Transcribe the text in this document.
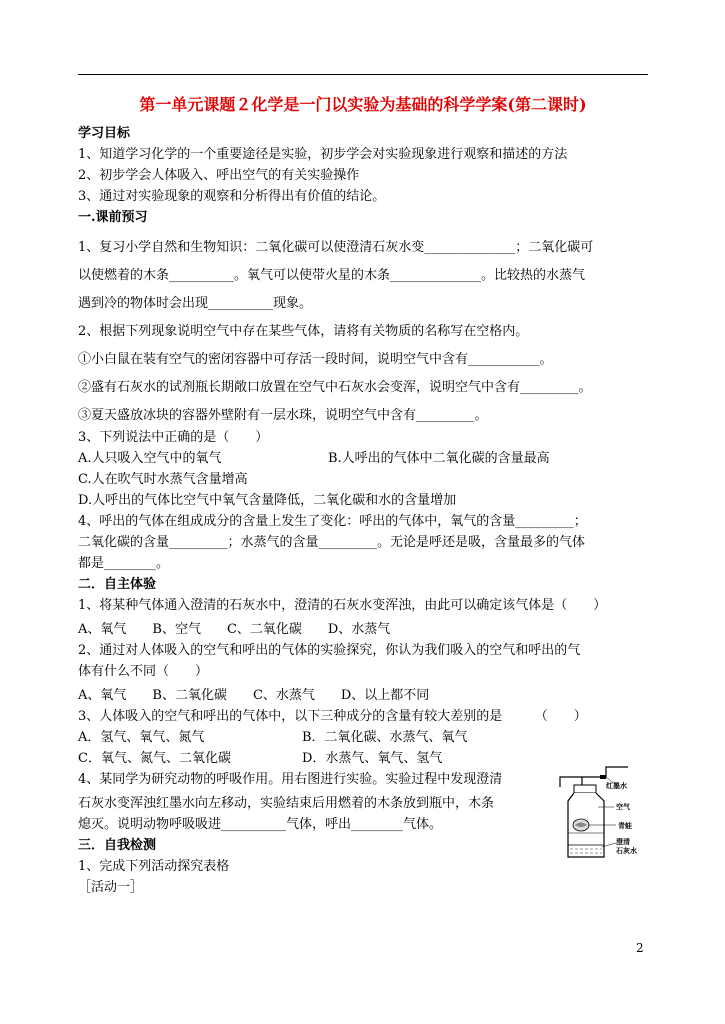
第一单元课题２化学是一门以实验为基础的科学学案(第二课时)
学习目标
1、知道学习化学的一个重要途径是实验，初步学会对实验现象进行观察和描述的方法
2、初步学会人体吸入、呼出空气的有关实验操作
3、通过对实验现象的观察和分析得出有价值的结论。
一.课前预习
1、复习小学自然和生物知识：二氧化碳可以使澄清石灰水变______________；二氧化碳可
以使燃着的木条__________。氧气可以使带火星的木条______________。比较热的水蒸气
遇到冷的物体时会出现__________现象。
2、根据下列现象说明空气中存在某些气体，请将有关物质的名称写在空格内。
①小白鼠在装有空气的密闭容器中可存活一段时间，说明空气中含有___________。
②盛有石灰水的试剂瓶长期敞口放置在空气中石灰水会变浑，说明空气中含有_________。
③夏天盛放冰块的容器外壁附有一层水珠，说明空气中含有_________。
3、下列说法中正确的是（　　）
A.人只吸入空气中的氧气
C.人在吹气时水蒸气含量增高
D.人呼出的气体比空气中氧气含量降低，二氧化碳和水的含量增加
4、呼出的气体在组成成分的含量上发生了变化：呼出的气体中，氧气的含量_________；
二氧化碳的含量_________；水蒸气的含量_________。无论是呼还是吸，含量最多的气体
都是________。
二．自主体验
1、将某种气体通入澄清的石灰水中，澄清的石灰水变浑浊，由此可以确定该气体是（　　）
A、氧气　　B、空气　　C、二氧化碳　　D、水蒸气
2、通过对人体吸入的空气和呼出的气体的实验探究，你认为我们吸入的空气和呼出的气
体有什么不同（　　）
A、氧气　　B、二氧化碳　　C、水蒸气　　D、以上都不同
3、人体吸入的空气和呼出的气体中，以下三种成分的含量有较大差别的是　　　（　　）
A．氢气、氧气、氮气
C．氧气、氮气、二氧化碳
4、某同学为研究动物的呼吸作用。用右图进行实验。实验过程中发现澄清
石灰水变浑浊红墨水向左移动，实验结束后用燃着的木条放到瓶中，木条
熄灭。说明动物呼吸吸进__________气体，呼出________气体。
三．自我检测
1、完成下列活动探究表格
［活动一］
B.人呼出的气体中二氧化碳的含量最高
B．二氧化碳、水蒸气、氧气
D．水蒸气、氧气、氢气
红墨水
空气
青蛙
澄清
石灰水
2
